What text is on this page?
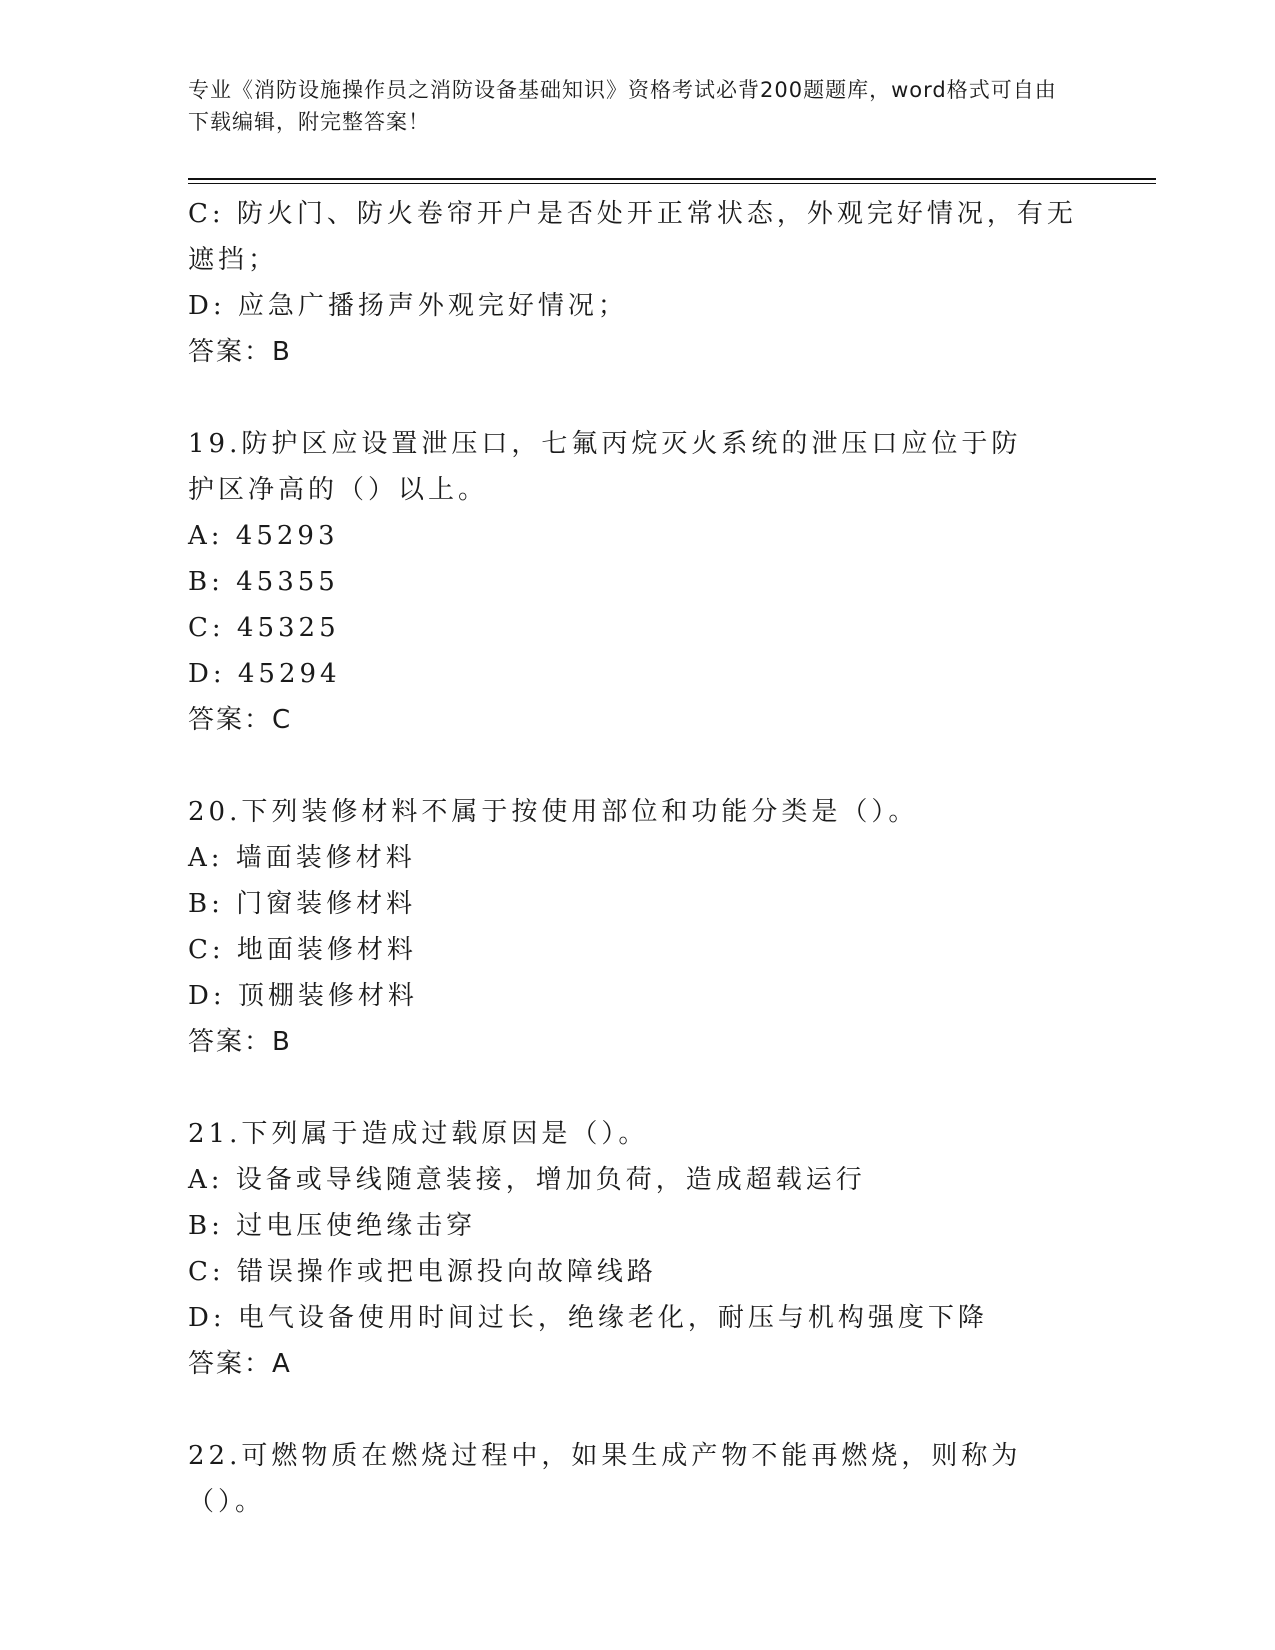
专业《消防设施操作员之消防设备基础知识》资格考试必背200题题库，word格式可自由下载编辑，附完整答案！
C: 防火门、防火卷帘开户是否处开正常状态，外观完好情况，有无遮挡；
D: 应急广播扬声外观完好情况；
答案：B
19.防护区应设置泄压口，七氟丙烷灭火系统的泄压口应位于防护区净高的（）以上。
A: 45293
B: 45355
C: 45325
D: 45294
答案：C
20.下列装修材料不属于按使用部位和功能分类是（）。
A: 墙面装修材料
B: 门窗装修材料
C: 地面装修材料
D: 顶棚装修材料
答案：B
21.下列属于造成过载原因是（）。
A: 设备或导线随意装接，增加负荷，造成超载运行
B: 过电压使绝缘击穿
C: 错误操作或把电源投向故障线路
D: 电气设备使用时间过长，绝缘老化，耐压与机构强度下降
答案：A
22.可燃物质在燃烧过程中，如果生成产物不能再燃烧，则称为（）。
